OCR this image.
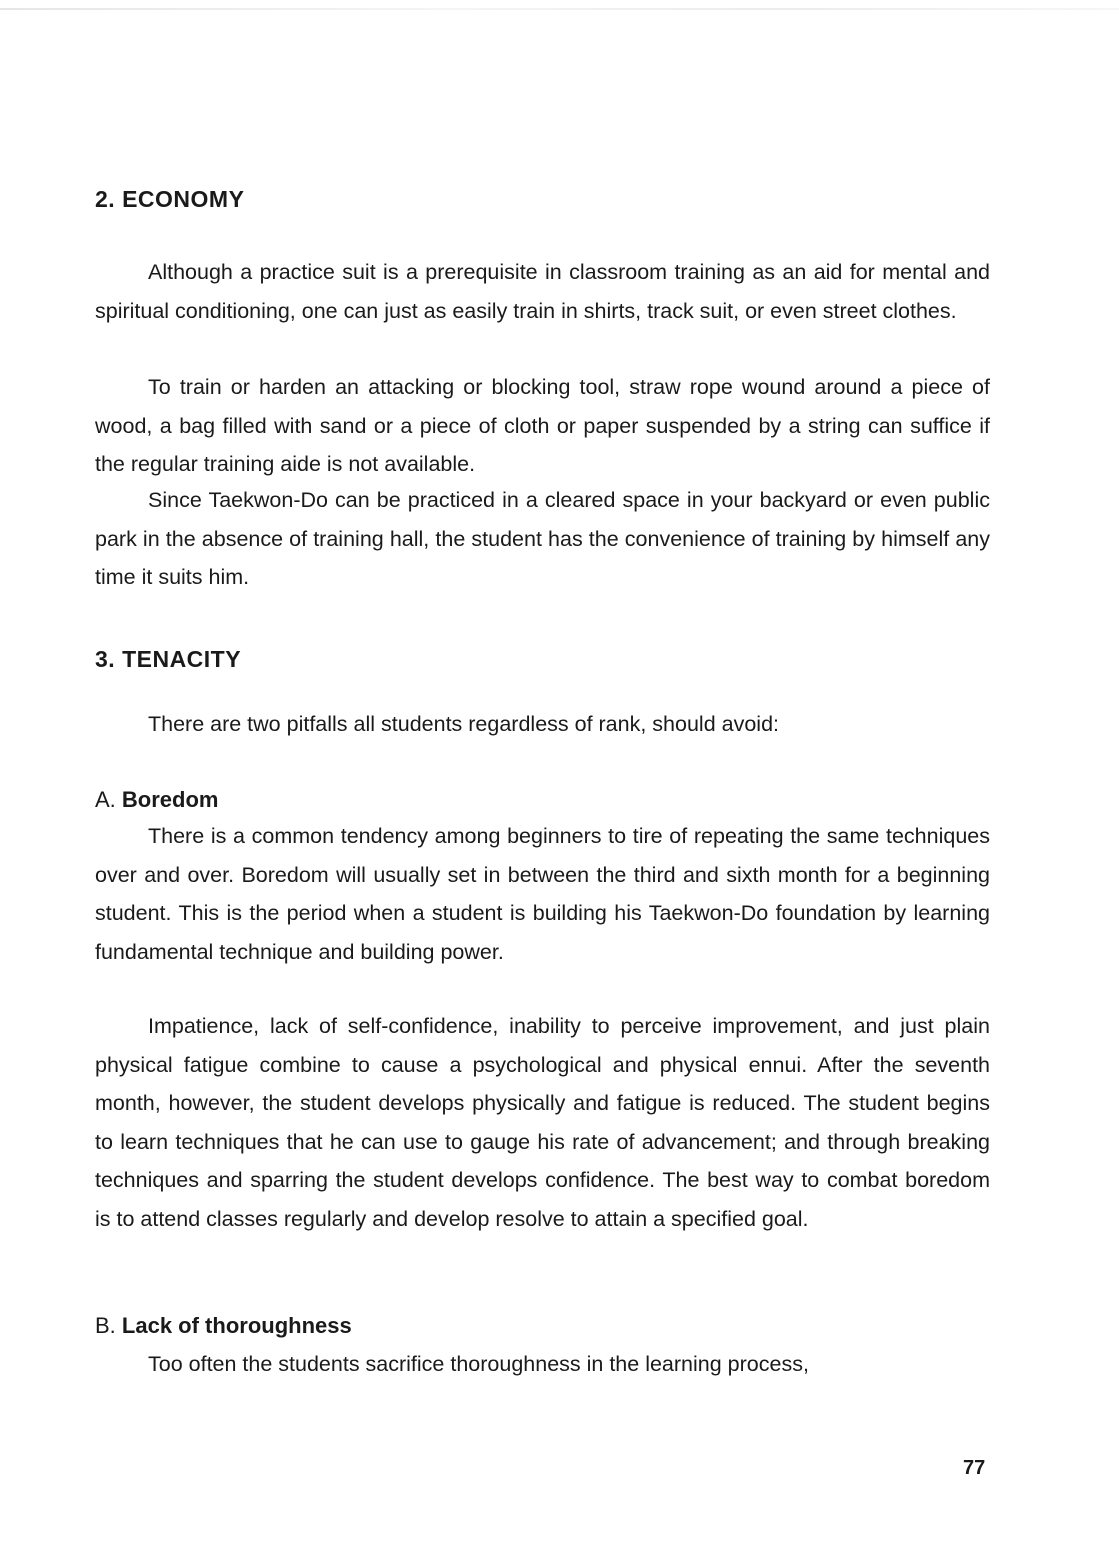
2. ECONOMY

Although a practice suit is a prerequisite in classroom training as an aid for mental and spiritual conditioning, one can just as easily train in shirts, track suit, or even street clothes.

To train or harden an attacking or blocking tool, straw rope wound around a piece of wood, a bag filled with sand or a piece of cloth or paper suspended by a string can suffice if the regular training aide is not available.

Since Taekwon-Do can be practiced in a cleared space in your backyard or even public park in the absence of training hall, the student has the convenience of training by himself any time it suits him.

3. TENACITY

There are two pitfalls all students regardless of rank, should avoid:

A. Boredom

There is a common tendency among beginners to tire of repeating the same techniques over and over. Boredom will usually set in between the third and sixth month for a beginning student. This is the period when a student is building his Taekwon-Do foundation by learning fundamental technique and building power.

Impatience, lack of self-confidence, inability to perceive improvement, and just plain physical fatigue combine to cause a psychological and physical ennui. After the seventh month, however, the student develops physically and fatigue is reduced. The student begins to learn techniques that he can use to gauge his rate of advancement; and through breaking techniques and sparring the student develops confidence. The best way to combat boredom is to attend classes regularly and develop resolve to attain a specified goal.

B. Lack of thoroughness

Too often the students sacrifice thoroughness in the learning process,

77
